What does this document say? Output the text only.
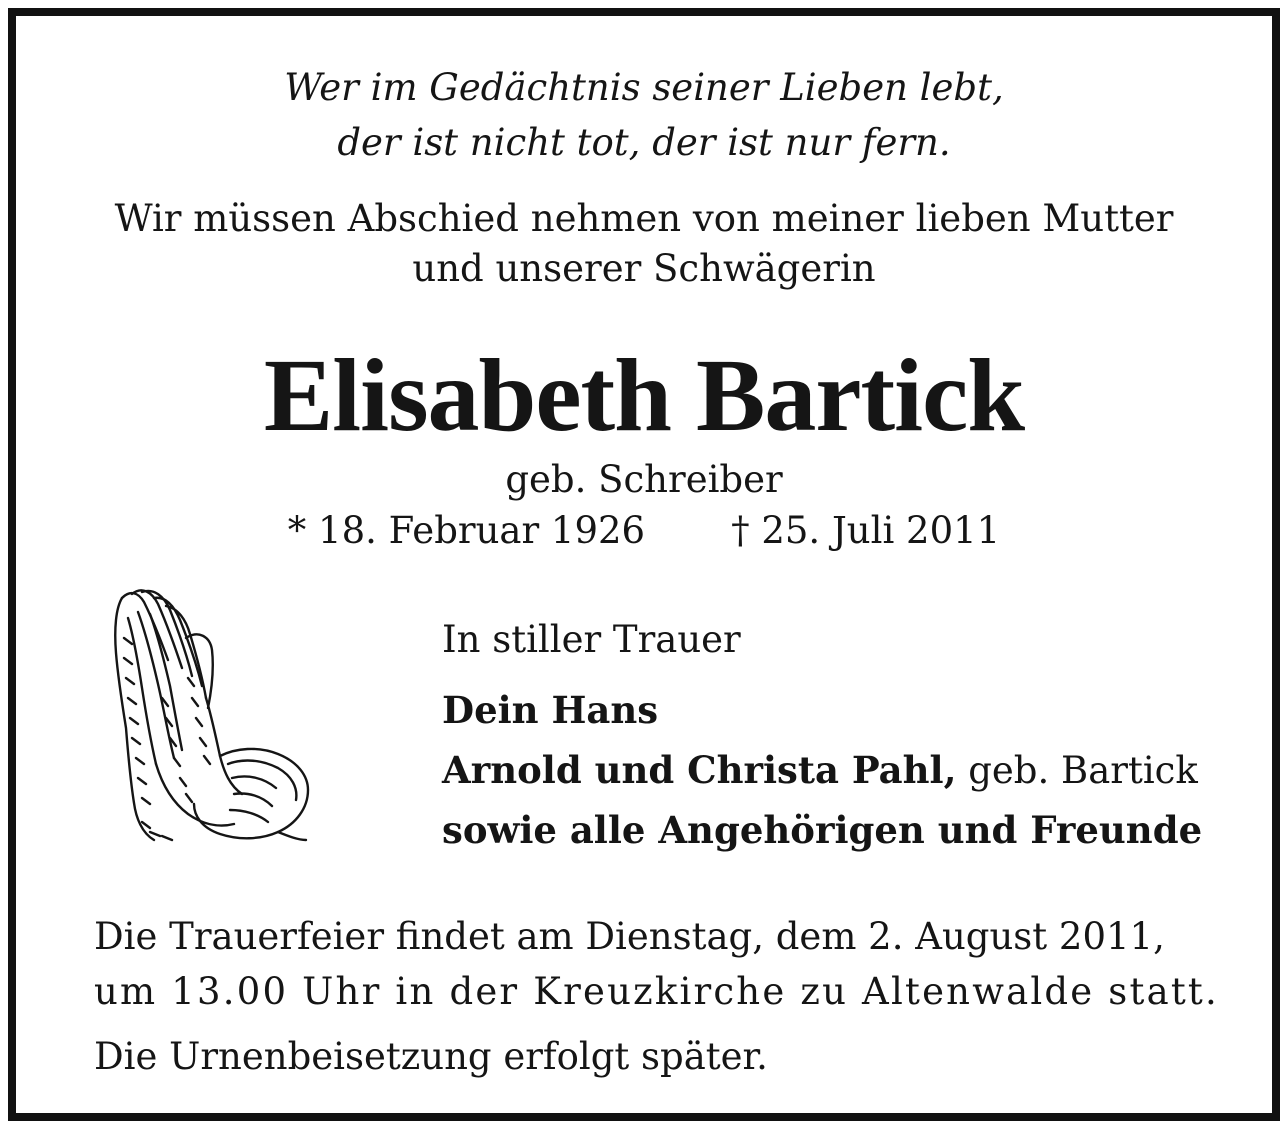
Wer im Gedächtnis seiner Lieben lebt,
der ist nicht tot, der ist nur fern.
Wir müssen Abschied nehmen von meiner lieben Mutter
und unserer Schwägerin
Elisabeth Bartick
geb. Schreiber
* 18. Februar 1926 † 25. Juli 2011
In stiller Trauer
Dein Hans
Arnold und Christa Pahl, geb. Bartick
sowie alle Angehörigen und Freunde
Die Trauerfeier findet am Dienstag, dem 2. August 2011,
um 13.00 Uhr in der Kreuzkirche zu Altenwalde statt.
Die Urnenbeisetzung erfolgt später.
